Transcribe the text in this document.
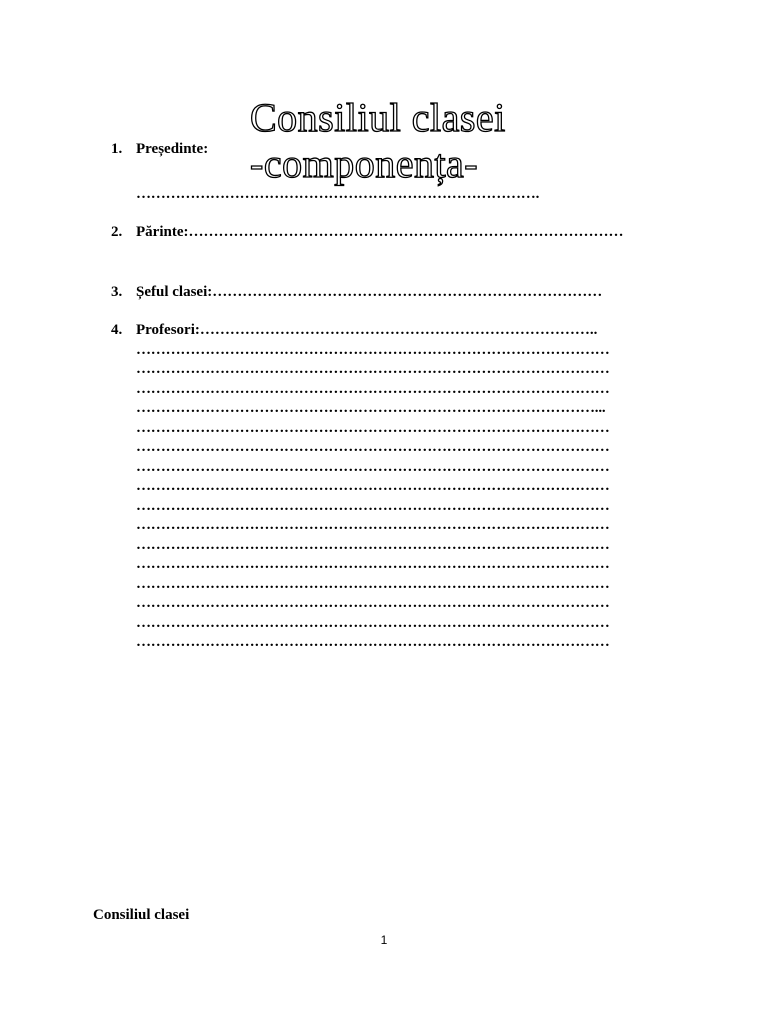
Consiliul clasei
-componența-
1. Președinte:
……………………………………………………………………….
2. Părinte:……………………………………………………………………………
3. Șeful clasei:……………………………………………………………………
4. Profesori:……………………………………………………………………..
……………………………………………………………………………………
……………………………………………………………………………………
……………………………………………………………………………………
…………………………………………………………………………………...
……………………………………………………………………………………
……………………………………………………………………………………
……………………………………………………………………………………
……………………………………………………………………………………
……………………………………………………………………………………
……………………………………………………………………………………
……………………………………………………………………………………
……………………………………………………………………………………
……………………………………………………………………………………
……………………………………………………………………………………
……………………………………………………………………………………
……………………………………………………………………………………
Consiliul clasei
1
